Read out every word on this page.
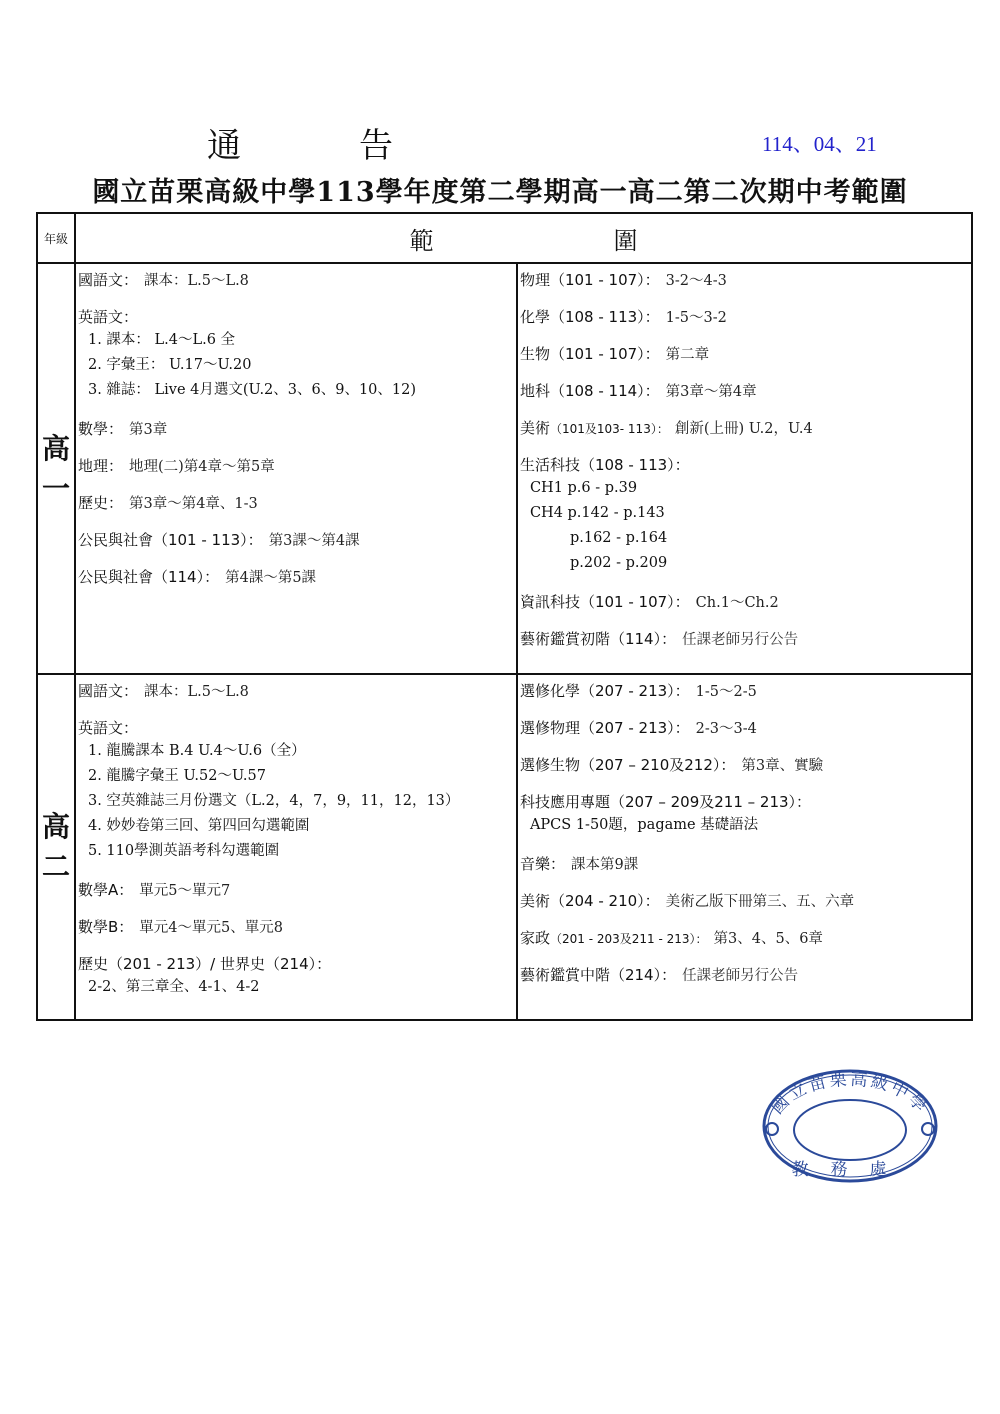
通告	114、04、21
國立苗栗高級中學113學年度第二學期高一高二第二次期中考範圍
年級	範圍	

高一

國語文： 課本：L.5～L.8
英語文：
1. 課本： L.4～L.6 全
2. 字彙王： U.17～U.20
3. 雜誌： Live 4月選文(U.2、3、6、9、10、12)
數學： 第3章
地理： 地理(二)第4章～第5章
歷史： 第3章～第4章、1-3
公民與社會（101 - 113）： 第3課～第4課
公民與社會（114）： 第4課～第5課

物理（101 - 107）： 3-2～4-3
化學（108 - 113）： 1-5～3-2
生物（101 - 107）： 第二章
地科（108 - 114）： 第3章～第4章
美術（101及103- 113）： 創新(上冊) U.2，U.4
生活科技（108 - 113）：
CH1 p.6 - p.39
CH4 p.142 - p.143
p.162 - p.164
p.202 - p.209
資訊科技（101 - 107）： Ch.1～Ch.2
藝術鑑賞初階（114）： 任課老師另行公告

高二

國語文： 課本：L.5～L.8
英語文：
1. 龍騰課本 B.4 U.4～U.6（全）
2. 龍騰字彙王 U.52～U.57
3. 空英雜誌三月份選文（L.2，4，7，9，11，12，13）
4. 妙妙卷第三回、第四回勾選範圍
5. 110學測英語考科勾選範圍
數學A： 單元5～單元7
數學B： 單元4～單元5、單元8
歷史（201 - 213）/ 世界史（214）：
2-2、第三章全、4-1、4-2

選修化學（207 - 213）： 1-5～2-5
選修物理（207 - 213）： 2-3～3-4
選修生物（207 – 210及212）： 第3章、實驗
科技應用專題（207 – 209及211 – 213）：
APCS 1-50題，pagame 基礎語法
音樂： 課本第9課
美術（204 - 210）： 美術乙版下冊第三、五、六章
家政（201 - 203及211 - 213）： 第3、4、5、6章
藝術鑑賞中階（214）： 任課老師另行公告
國立苗栗高級中學
教務處
